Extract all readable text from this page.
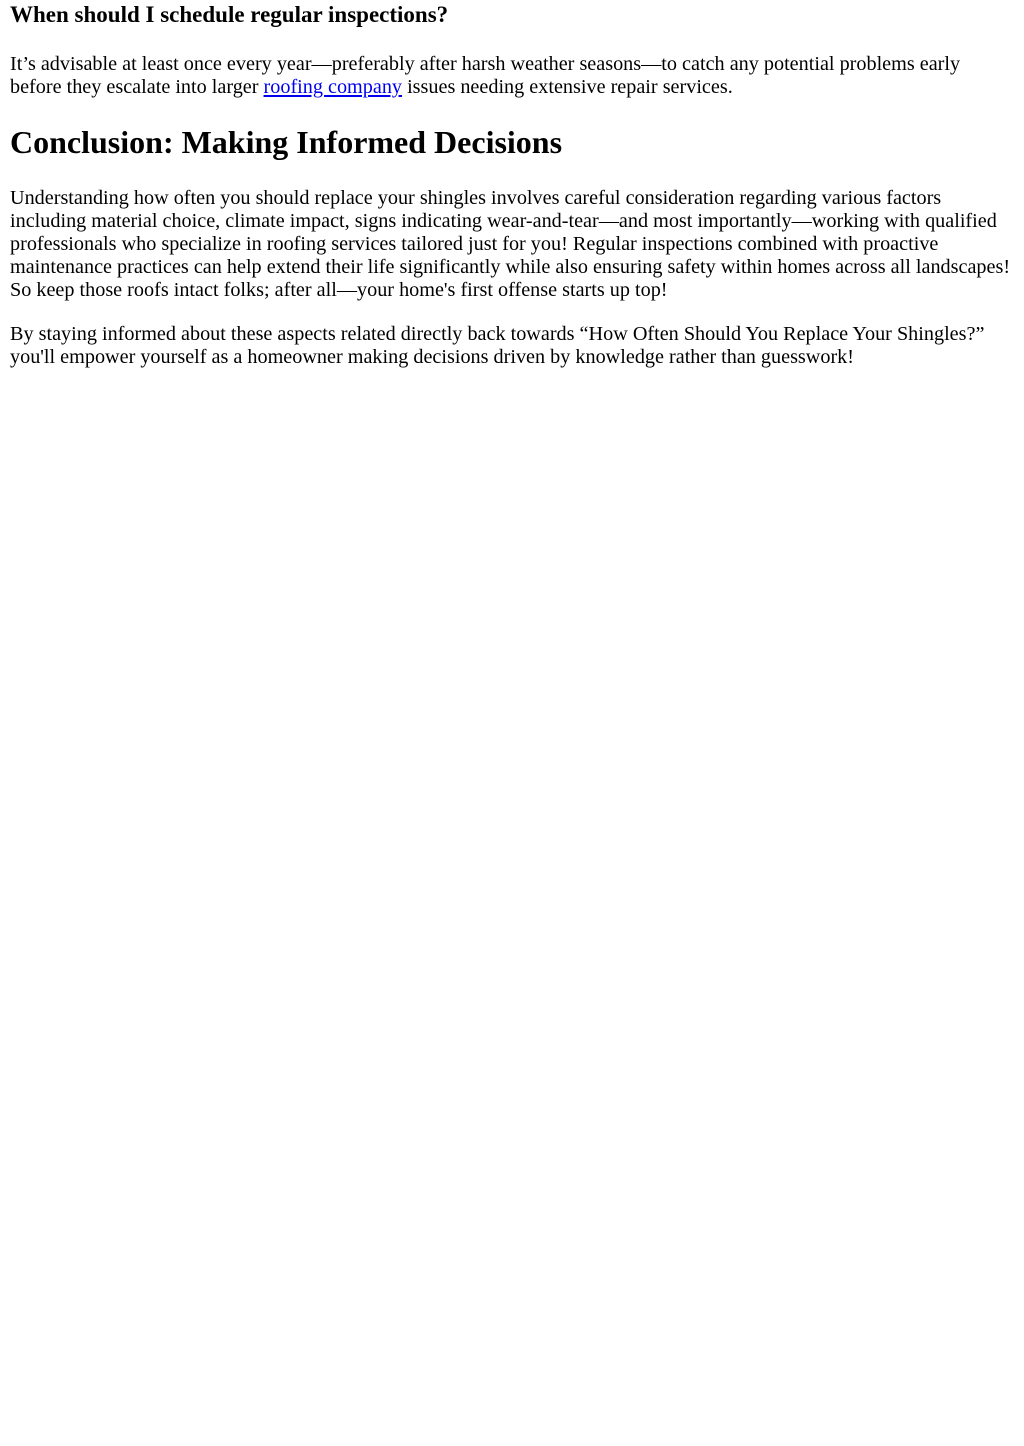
When should I schedule regular inspections?

It’s advisable at least once every year—preferably after harsh weather seasons—to catch any potential problems early before they escalate into larger roofing company issues needing extensive repair services.

Conclusion: Making Informed Decisions

Understanding how often you should replace your shingles involves careful consideration regarding various factors including material choice, climate impact, signs indicating wear-and-tear—and most importantly—working with qualified professionals who specialize in roofing services tailored just for you! Regular inspections combined with proactive maintenance practices can help extend their life significantly while also ensuring safety within homes across all landscapes! So keep those roofs intact folks; after all—your home's first offense starts up top!

By staying informed about these aspects related directly back towards “How Often Should You Replace Your Shingles?” you'll empower yourself as a homeowner making decisions driven by knowledge rather than guesswork!
